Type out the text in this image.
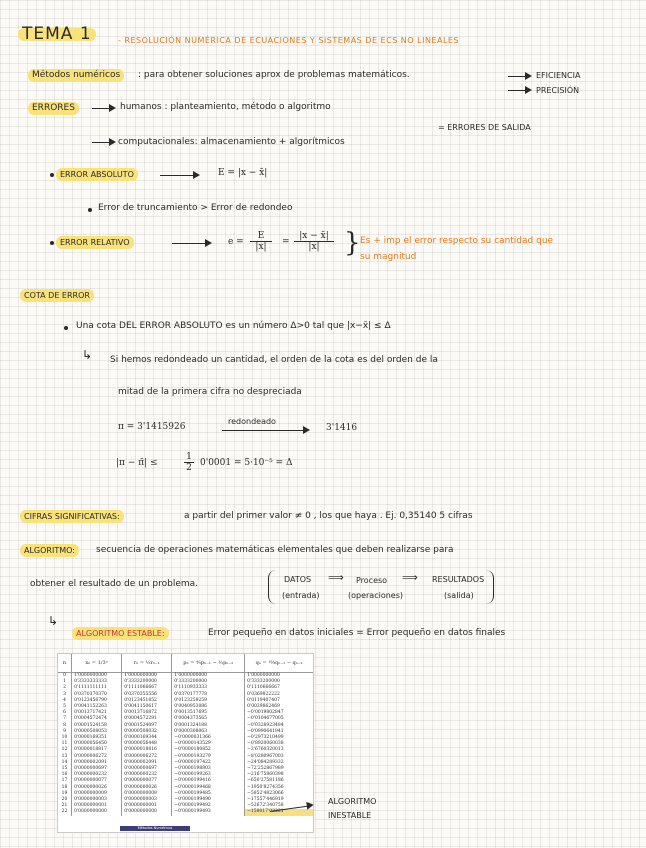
TEMA 1	- RESOLUCIÓN NUMÉRICA DE ECUACIONES Y SISTEMAS DE ECS NO LINEALES
Métodos numéricos	: para obtener soluciones aprox de problemas matemáticos.	EFICIENCIA
PRECISIÓN
ERRORES	humanos : planteamiento, método o algoritmo
= ERRORES DE SALIDA
computacionales: almacenamiento + algorítmicos
ERROR ABSOLUTO	E = |x − x̄|
Error de truncamiento > Error de redondeo
ERROR RELATIVO	$e = \frac{E}{|x|} = \frac{|x - x̄|}{|x|}$ } Es + imp el error respecto su cantidad que
su magnitud
COTA DE ERROR
Una cota DEL ERROR ABSOLUTO es un número Δ>0 tal que |x−x̄| ≤ Δ
↳ Si hemos redondeado un cantidad, el orden de la cota es del orden de la
mitad de la primera cifra no despreciada
π = 3'1415926
redondeado
3'1416
|π − π̄| ≤	$\frac{1}{2} 0'0001 = 5\cdot 10^{-5} = \Delta$
CIFRAS SIGNIFICATIVAS:	a partir del primer valor ≠ 0 , los que haya . Ej. 0,35140 5 cifras
ALGORITMO:	secuencia de operaciones matemáticas elementales que deben realizarse para
obtener el resultado de un problema.	DATOS
(entrada)
⟹ Proceso
(operaciones)
⟹ RESULTADOS
(salida)
↳
ALGORITMO ESTABLE:	Error pequeño en datos iniciales = Error pequeño en datos finales
n	xₙ = 1/3ⁿ	rₙ = ⅓rₙ₋₁	pₙ = ⁴⁄₃pₙ₋₁ − ⅓pₙ₋₂	qₙ = ¹⁰⁄₃qₙ₋₁ − qₙ₋₂
0	1'0000000000	1'0000000000	1'0000000000	1'0000000000
1	0'3333333333	0'3333200000	0'3333200000	0'3333200000
2	0'1111111111	0'1111066667	0'1110933333	0'1110666667
3	0'0370370370	0'0370355556	0'0370177778	0'0369822222
4	0'0123456790	0'0123451852	0'0123259259	0'0119407407
5	0'0041152263	0'0041150617	0'0040953086	0'0029862469
6	0'0013717421	0'0013716872	0'0013517695	−0'0019802847
7	0'0004572474	0'0004572291	0'0004373565	−0'0104677005
8	0'0001524158	0'0001524097	0'0001324188	−0'0328923484
9	0'0000508053	0'0000508032	0'0000308063	−0'0990641941
10	0'0000169351	0'0000169344	−0'0000031366	−0'2973210499
11	0'0000056450	0'0000056448	−0'0000143529	−0'8920060038
12	0'0000018817	0'0000018816	−0'0000180852	−2'6760320013
13	0'0000006272	0'0000006272	−0'0000193279	−8'0280967003
14	0'0000002091	0'0000002091	−0'0000197422	−24'084289332
15	0'0000000697	0'0000000697	−0'0000198803	−72'252867989
16	0'0000000232	0'0000000232	−0'0000199263	−216'75860398
17	0'0000000077	0'0000000077	−0'0000199416	−650'27581186
18	0'0000000026	0'0000000026	−0'0000199468	−1950'8274356
19	0'0000000009	0'0000000009	−0'0000199485	−5852'4823066
20	0'0000000003	0'0000000003	−0'0000199490	−17557'446919
21	0'0000000001	0'0000000001	−0'0000199492	−52672'340758
22	0'0000000000	0'0000000000	−0'0000199493	−158017'02221
Métodos Numéricos
ALGORITMO
INESTABLE
